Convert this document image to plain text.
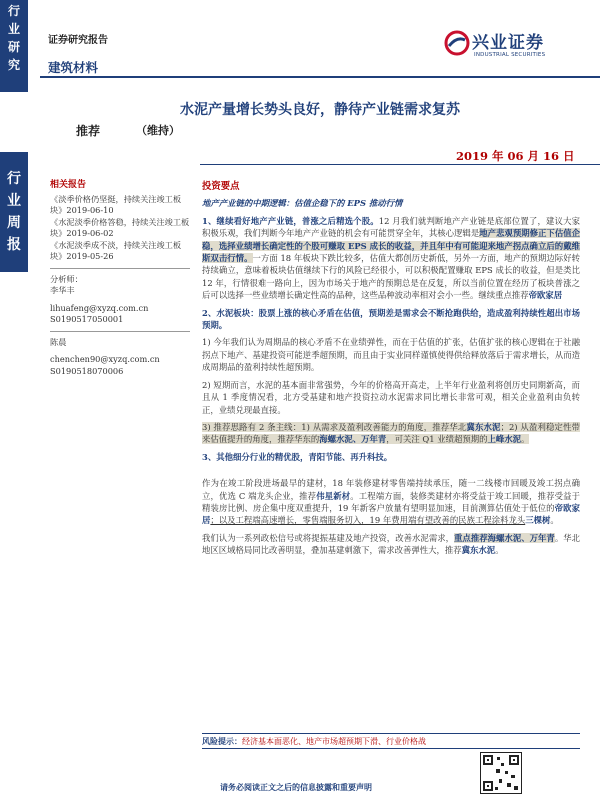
行业研究
行业周报
证券研究报告
建筑材料
兴业证券
INDUSTRIAL SECURITIES
水泥产量增长势头良好，静待产业链需求复苏
推荐	（维持）
2019 年 06 月 16 日
相关报告
《淡季价格仍坚挺，持续关注竣工板块》2019-06-10
《水泥淡季价格答稳，持续关注竣工板块》2019-06-02
《水泥淡季成不淡，持续关注竣工板块》2019-05-26
分析师：
李华丰
lihuafeng@xyzq.com.cn
S0190517050001
陈晨
chenchen90@xyzq.com.cn
S0190518070006
投资要点

地产产业链的中期逻辑：估值企稳下的 EPS 推动行情

1、继续看好地产产业链，普涨之后精选个股。12 月我们就判断地产产业链是底部位置了，建议大家积极乐观，我们判断今年地产产业链的机会有可能贯穿全年，其核心逻辑是地产悲观预期修正下估值企稳，选择业绩增长确定性的个股可赚取 EPS 成长的收益，并且年中有可能迎来地产拐点确立后的戴维斯双击行情。一方面 18 年板块下跌比较多，估值大都创历史新低，另外一方面，地产的预期边际好转持续确立，意味着板块估值继续下行的风险已经很小，可以积极配置赚取 EPS 成长的收益，但是类比 12 年，行情很难一路向上，因为市场关于地产的预期总是在反复，所以当前位置在经历了板块普涨之后可以选择一些业绩增长确定性高的品种，这些品种波动率相对会小一些。继续重点推荐帝欧家居

2、水泥板块：股票上涨的核心矛盾在估值，预期差是需求会不断抢跑供给，造成盈利持续性超出市场预期。

1) 今年我们认为周期品的核心矛盾不在业绩弹性，而在于估值的扩张，估值扩张的核心逻辑在于社融拐点下地产、基建投资可能逆季超预期，而且由于实业同样谨慎使得供给释放落后于需求增长，从而造成周期品的盈利持续性超预期。

2) 短期而言，水泥的基本面非常强势，今年的价格高开高走，上半年行业盈利将创历史同期新高，而且从 1 季度情况看，北方受基建和地产投资拉动水泥需求同比增长非常可观，相关企业盈利由负转正，业绩兑现最直接。

3) 推荐思路有 2 条主线：1) 从需求及盈利改善能力的角度，推荐华北冀东水泥；2) 从盈利稳定性带来估值提升的角度，推荐华东的海螺水泥、万年青，可关注 Q1 业绩超预期的上峰水泥。

3、其他细分行业的精优股，青阳节能、再升科技。

作为在竣工阶段进场最早的建材，18 年装修建材零售端持续承压，随一二线楼市回暖及竣工拐点确立，优选 C 端龙头企业，推荐伟星新材。工程端方面，装修类建材亦将受益于竣工回暖，推荐受益于精装房比例、房企集中度双重提升，19 年新客户放量有望明显加速，目前测算估值处于低位的帝欧家居；以及工程端高速增长，零售端服务切入，19 年费用端有望改善的民族工程涂料龙头三棵树。

我们认为一系列政松信号或将提振基建及地产投资，改善水泥需求，重点推荐海螺水泥、万年青。华北地区区域格局同比改善明显，叠加基建刺激下，需求改善弹性大，推荐冀东水泥。

风险提示：经济基本面恶化、地产市场超预期下滑、行业价格战
请务必阅读正文之后的信息披露和重要声明
